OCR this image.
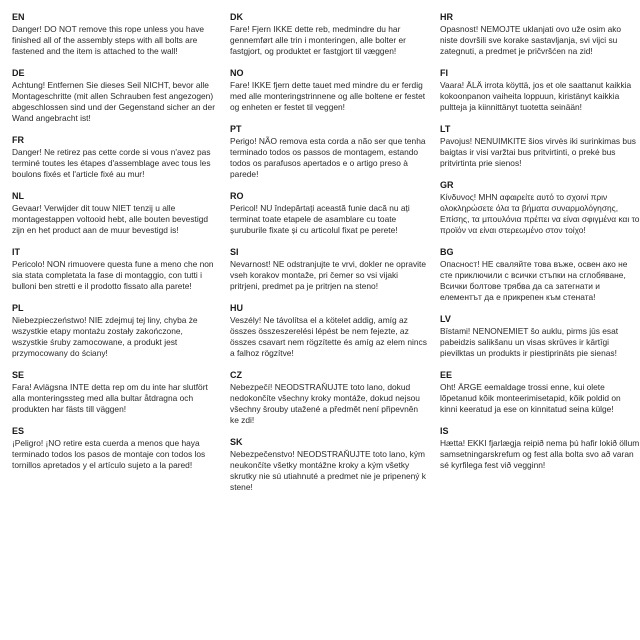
EN

Danger! DO NOT remove this rope unless you have finished all of the assembly steps with all bolts are fastened and the item is attached to the wall!

DE

Achtung! Entfernen Sie dieses Seil NICHT, bevor alle Montageschritte (mit allen Schrauben fest angezogen) abgeschlossen sind und der Gegenstand sicher an der Wand angebracht ist!

FR

Danger! Ne retirez pas cette corde si vous n'avez pas terminé toutes les étapes d'assemblage avec tous les boulons fixés et l'article fixé au mur!

NL

Gevaar! Verwijder dit touw NIET tenzij u alle montagestappen voltooid hebt, alle bouten bevestigd zijn en het product aan de muur bevestigd is!

IT

Pericolo! NON rimuovere questa fune a meno che non sia stata completata la fase di montaggio, con tutti i bulloni ben stretti e il prodotto fissato alla parete!

PL

Niebezpieczeństwo! NIE zdejmuj tej liny, chyba że wszystkie etapy montażu zostały zakończone, wszystkie śruby zamocowane, a produkt jest przymocowany do ściany!

SE

Fara! Avlägsna INTE detta rep om du inte har slutfört alla monteringssteg med alla bultar åtdragna och produkten har fästs till väggen!

ES

¡Peligro! ¡NO retire esta cuerda a menos que haya terminado todos los pasos de montaje con todos los tornillos apretados y el artículo sujeto a la pared!

DK

Fare! Fjern IKKE dette reb, medmindre du har gennemført alle trin i monteringen, alle bolter er fastgjort, og produktet er fastgjort til væggen!

NO

Fare! IKKE fjern dette tauet med mindre du er ferdig med alle monteringstrinnene og alle boltene er festet og enheten er festet til veggen!

PT

Perigo! NÃO remova esta corda a não ser que tenha terminado todos os passos de montagem, estando todos os parafusos apertados e o artigo preso à parede!

RO

Pericol! NU îndepărtați această funie dacă nu ați terminat toate etapele de asamblare cu toate șuruburile fixate și cu articolul fixat pe perete!

SI

Nevarnost! NE odstranjujte te vrvi, dokler ne opravite vseh korakov montaže, pri čemer so vsi vijaki pritrjeni, predmet pa je pritrjen na steno!

HU

Veszély! Ne távolítsa el a kötelet addig, amíg az összes összeszerelési lépést be nem fejezte, az összes csavart nem rögzítette és amíg az elem nincs a falhoz rögzítve!

CZ

Nebezpečí! NEODSTRAŇUJTE toto lano, dokud nedokončíte všechny kroky montáže, dokud nejsou všechny šrouby utažené a předmět není připevněn ke zdi!

SK

Nebezpečenstvo! NEODSTRAŇUJTE toto lano, kým neukončíte všetky montážne kroky a kým všetky skrutky nie sú utiahnuté a predmet nie je pripenený k stene!

HR

Opasnost! NEMOJTE uklanjati ovo uže osim ako niste dovršili sve korake sastavljanja, svi vijci su zategnuti, a predmet je pričvršćen na zid!

FI

Vaara! ÄLÄ irrota köyttä, jos et ole saattanut kaikkia kokoonpanon vaiheita loppuun, kiristänyt kaikkia pultteja ja kiinnittänyt tuotetta seinään!

LT

Pavojus! NENUIMKITE šios virvės iki surinkimas bus baigtas ir visi varžtai bus pritvirtinti, o prekė bus pritvirtinta prie sienos!

GR

Κίνδυνος! ΜΗΝ αφαιρείτε αυτό το σχοινί πριν ολοκληρώσετε όλα τα βήματα συναρμολόγησης, Επίσης, τα μπουλόνια πρέπει να είναι σφιγμένα και το προϊόν να είναι στερεωμένο στον τοίχο!

BG

Опасност! НЕ сваляйте това въже, освен ако не сте приключили с всички стъпки на сглобяване, Всички болтове трябва да са затегнати и елементът да е прикрепен към стената!

LV

Bīstami! NENONEMIET šo auklu, pirms jūs esat pabeidzis salikšanu un visas skrūves ir kārtīgi pievilktas un produkts ir piestiprināts pie sienas!

EE

Oht! ÄRGE eemaldage trossi enne, kui olete lõpetanud kõik monteerimisetapid, kõik poldid on kinni keeratud ja ese on kinnitatud seina külge!

IS

Hætta! EKKI fjarlægja reipið nema þú hafir lokið öllum samsetningarskrefum og fest alla bolta svo að varan sé kyrfilega fest við vegginn!
